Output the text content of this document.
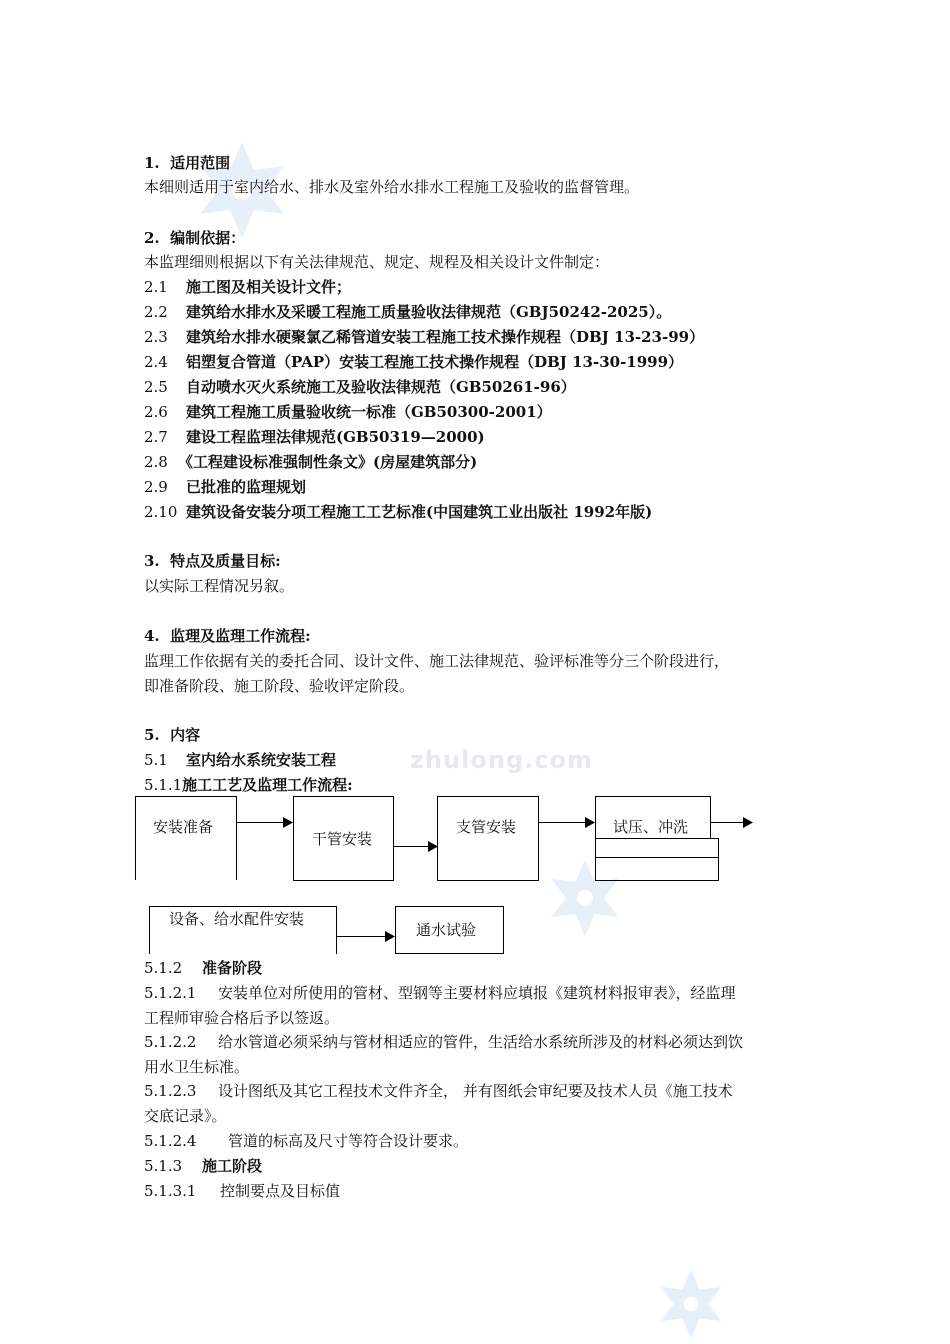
zhulong.com
1. 适用范围
本细则适用于室内给水、排水及室外给水排水工程施工及验收的监督管理。
2. 编制依据：
本监理细则根据以下有关法律规范、规定、规程及相关设计文件制定：
2.1 施工图及相关设计文件；
2.2 建筑给水排水及采暖工程施工质量验收法律规范（GBJ50242-2025）。
2.3 建筑给水排水硬聚氯乙稀管道安装工程施工技术操作规程（DBJ 13-23-99）
2.4 铝塑复合管道（PAP）安装工程施工技术操作规程（DBJ 13-30-1999）
2.5 自动喷水灭火系统施工及验收法律规范（GB50261-96）
2.6 建筑工程施工质量验收统一标准（GB50300-2001）
2.7 建设工程监理法律规范(GB50319—2000)
2.8 《工程建设标准强制性条文》(房屋建筑部分)
2.9 已批准的监理规划
2.10 建筑设备安装分项工程施工工艺标准(中国建筑工业出版社 1992年版)
3. 特点及质量目标:
以实际工程情况另叙。
4. 监理及监理工作流程:
监理工作依据有关的委托合同、设计文件、施工法律规范、验评标准等分三个阶段进行，
即准备阶段、施工阶段、验收评定阶段。
5. 内容
5.1 室内给水系统安装工程
5.1.1施工工艺及监理工作流程:
安装准备
干管安装
支管安装	试压、冲洗
设备、给水配件安装
通水试验
5.1.2 准备阶段
5.1.2.1 安装单位对所使用的管材、型钢等主要材料应填报《建筑材料报审表》，经监理
工程师审验合格后予以签返。
5.1.2.2 给水管道必须采纳与管材相适应的管件，生活给水系统所涉及的材料必须达到饮
用水卫生标准。
5.1.2.3 设计图纸及其它工程技术文件齐全， 并有图纸会审纪要及技术人员《施工技术
交底记录》。
5.1.2.4 管道的标高及尺寸等符合设计要求。
5.1.3 施工阶段
5.1.3.1 控制要点及目标值
